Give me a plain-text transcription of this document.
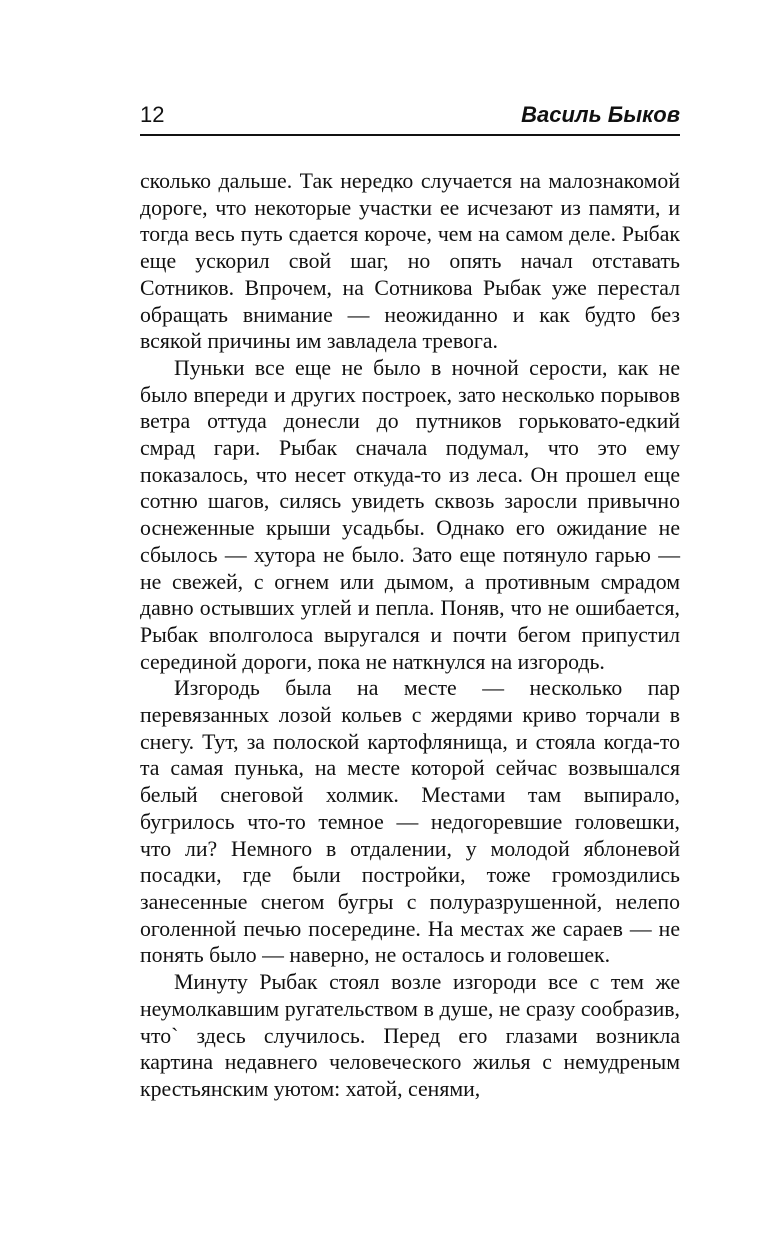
12	Василь Быков

сколько дальше. Так нередко случается на малознакомой дороге, что некоторые участки ее исчезают из памяти, и тогда весь путь сдается короче, чем на самом деле. Рыбак еще ускорил свой шаг, но опять начал отставать Сотников. Впрочем, на Сотникова Рыбак уже перестал обращать внимание — неожиданно и как будто без всякой причины им завладела тревога.

Пуньки все еще не было в ночной серости, как не было впереди и других построек, зато несколько порывов ветра оттуда донесли до путников горьковато-едкий смрад гари. Рыбак сначала подумал, что это ему показалось, что несет откуда-то из леса. Он прошел еще сотню шагов, силясь увидеть сквозь заросли привычно оснеженные крыши усадьбы. Однако его ожидание не сбылось — хутора не было. Зато еще потянуло гарью — не свежей, с огнем или дымом, а противным смрадом давно остывших углей и пепла. Поняв, что не ошибается, Рыбак вполголоса выругался и почти бегом припустил серединой дороги, пока не наткнулся на изгородь.

Изгородь была на месте — несколько пар перевязанных лозой кольев с жердями криво торчали в снегу. Тут, за полоской картофлянища, и стояла когда-то та самая пунька, на месте которой сейчас возвышался белый снеговой холмик. Местами там выпирало, бугрилось что-то темное — недогоревшие головешки, что ли? Немного в отдалении, у молодой яблоневой посадки, где были постройки, тоже громоздились занесенные снегом бугры с полуразрушенной, нелепо оголенной печью посередине. На местах же сараев — не понять было — наверно, не осталось и головешек.

Минуту Рыбак стоял возле изгороди все с тем же неумолкавшим ругательством в душе, не сразу сообразив, что` здесь случилось. Перед его глазами возникла картина недавнего человеческого жилья с немудреным крестьянским уютом: хатой, сенями,
